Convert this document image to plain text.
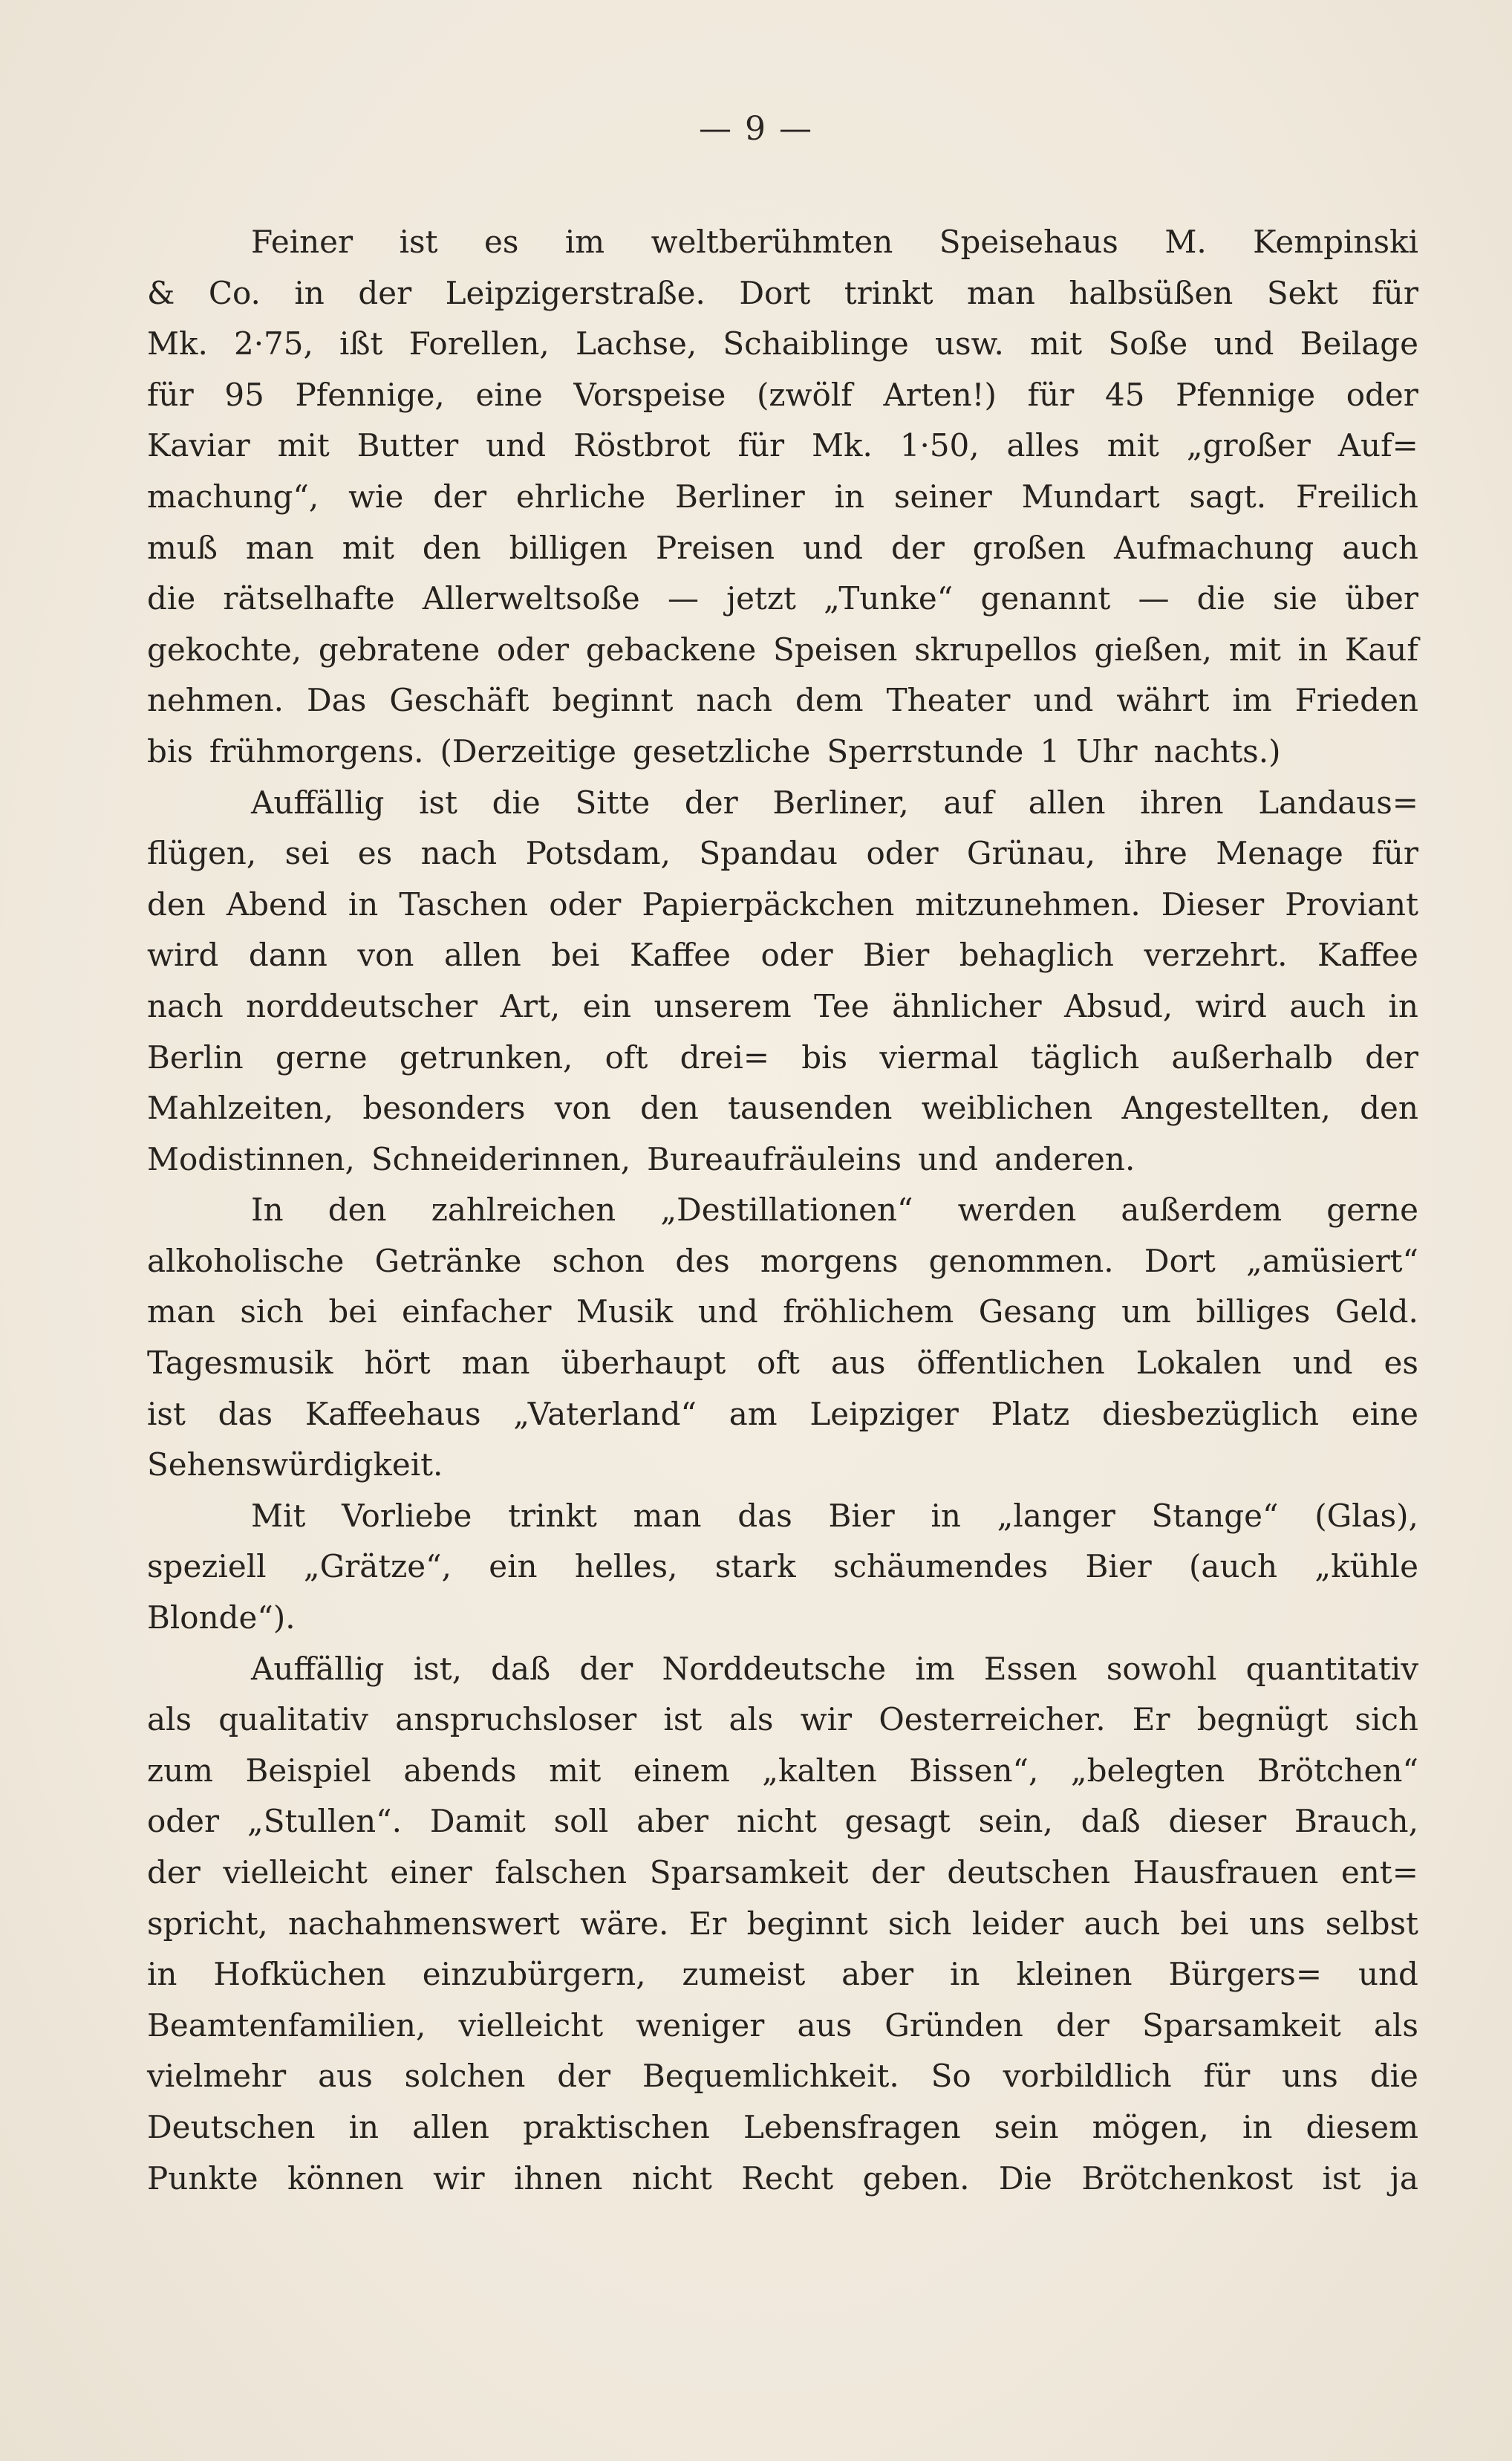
— 9 —
Feiner ist es im weltberühmten Speisehaus M. Kempinski
& Co. in der Leipzigerstraße. Dort trinkt man halbsüßen Sekt für
Mk. 2·75, ißt Forellen, Lachse, Schaiblinge usw. mit Soße und Beilage
für 95 Pfennige, eine Vorspeise (zwölf Arten!) für 45 Pfennige oder
Kaviar mit Butter und Röstbrot für Mk. 1·50, alles mit „großer Auf=
machung“, wie der ehrliche Berliner in seiner Mundart sagt. Freilich
muß man mit den billigen Preisen und der großen Aufmachung auch
die rätselhafte Allerweltsoße — jetzt „Tunke“ genannt — die sie über
gekochte, gebratene oder gebackene Speisen skrupellos gießen, mit in Kauf
nehmen. Das Geschäft beginnt nach dem Theater und währt im Frieden
bis frühmorgens. (Derzeitige gesetzliche Sperrstunde 1 Uhr nachts.)
Auffällig ist die Sitte der Berliner, auf allen ihren Landaus=
flügen, sei es nach Potsdam, Spandau oder Grünau, ihre Menage für
den Abend in Taschen oder Papierpäckchen mitzunehmen. Dieser Proviant
wird dann von allen bei Kaffee oder Bier behaglich verzehrt. Kaffee
nach norddeutscher Art, ein unserem Tee ähnlicher Absud, wird auch in
Berlin gerne getrunken, oft drei= bis viermal täglich außerhalb der
Mahlzeiten, besonders von den tausenden weiblichen Angestellten, den
Modistinnen, Schneiderinnen, Bureaufräuleins und anderen.
In den zahlreichen „Destillationen“ werden außerdem gerne
alkoholische Getränke schon des morgens genommen. Dort „amüsiert“
man sich bei einfacher Musik und fröhlichem Gesang um billiges Geld.
Tagesmusik hört man überhaupt oft aus öffentlichen Lokalen und es
ist das Kaffeehaus „Vaterland“ am Leipziger Platz diesbezüglich eine
Sehenswürdigkeit.
Mit Vorliebe trinkt man das Bier in „langer Stange“ (Glas),
speziell „Grätze“, ein helles, stark schäumendes Bier (auch „kühle
Blonde“).
Auffällig ist, daß der Norddeutsche im Essen sowohl quantitativ
als qualitativ anspruchsloser ist als wir Oesterreicher. Er begnügt sich
zum Beispiel abends mit einem „kalten Bissen“, „belegten Brötchen“
oder „Stullen“. Damit soll aber nicht gesagt sein, daß dieser Brauch,
der vielleicht einer falschen Sparsamkeit der deutschen Hausfrauen ent=
spricht, nachahmenswert wäre. Er beginnt sich leider auch bei uns selbst
in Hofküchen einzubürgern, zumeist aber in kleinen Bürgers= und
Beamtenfamilien, vielleicht weniger aus Gründen der Sparsamkeit als
vielmehr aus solchen der Bequemlichkeit. So vorbildlich für uns die
Deutschen in allen praktischen Lebensfragen sein mögen, in diesem
Punkte können wir ihnen nicht Recht geben. Die Brötchenkost ist ja
